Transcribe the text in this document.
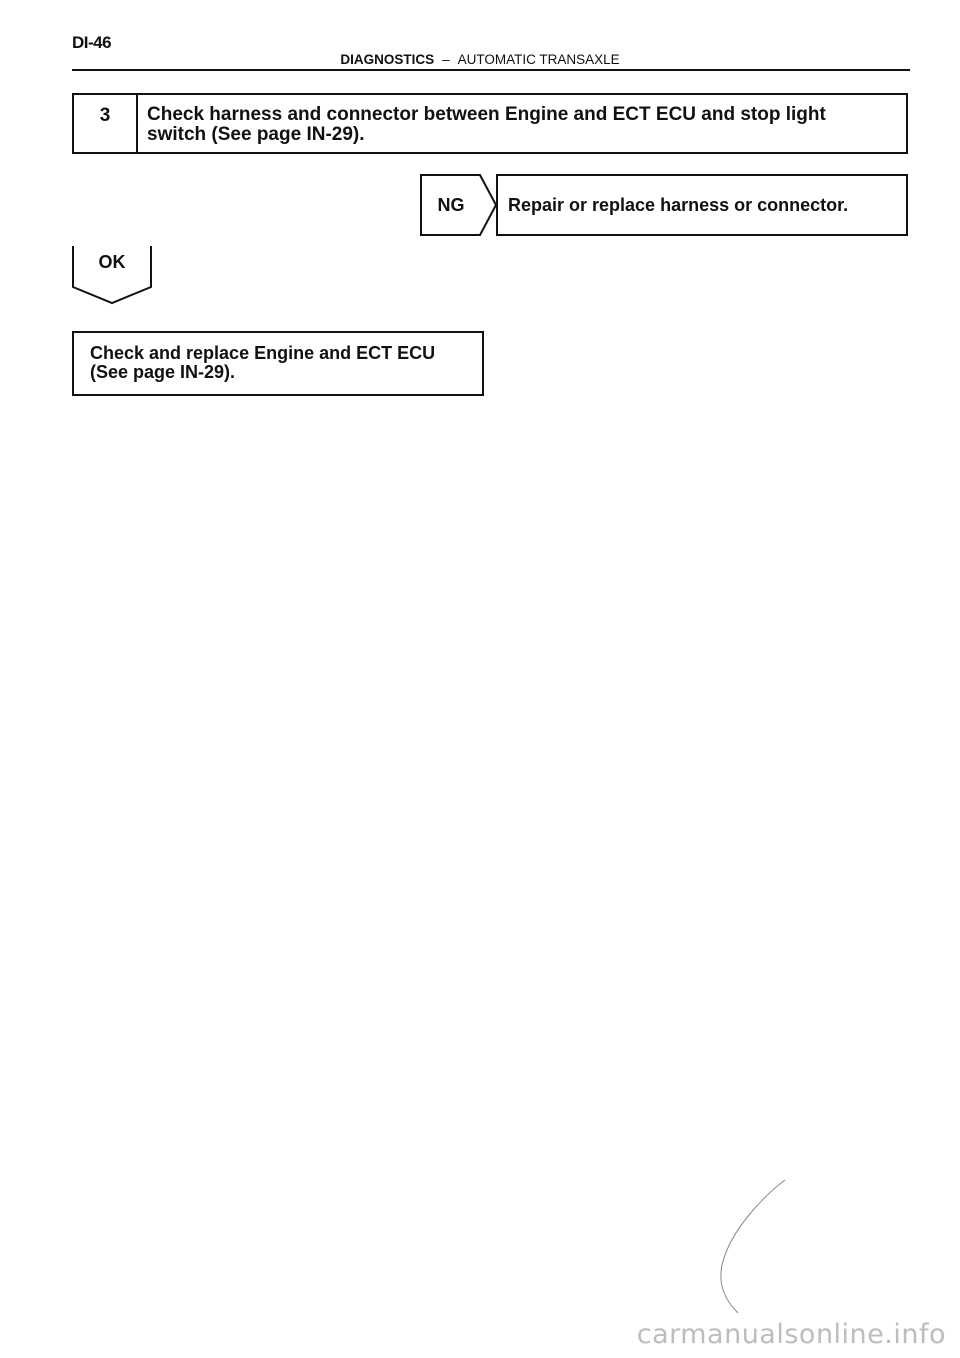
DI-46
DIAGNOSTICS – AUTOMATIC TRANSAXLE
3	Check harness and connector between Engine and ECT ECU and stop light
switch (See page IN-29).
NG	Repair or replace harness or connector.
OK
Check and replace Engine and ECT ECU
(See page IN-29).
carmanualsonline.info
